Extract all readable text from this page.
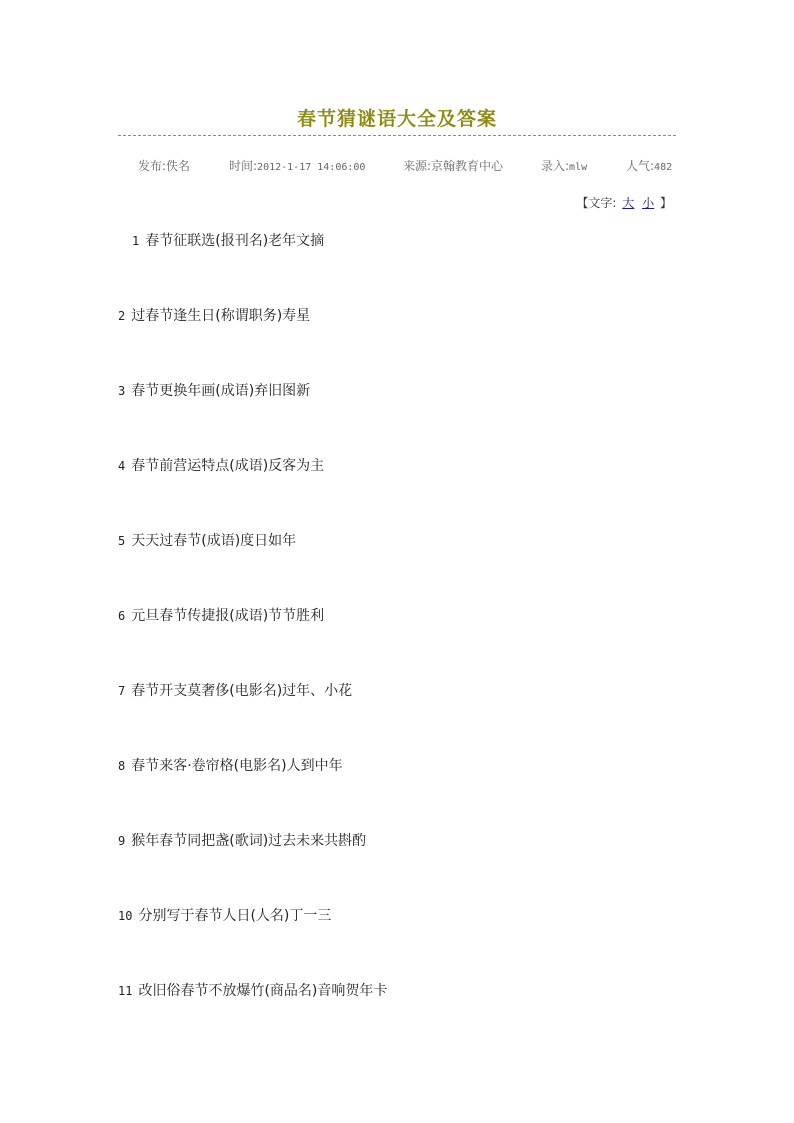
春节猜谜语大全及答案
发布:佚名	时间:2012-1-17 14:06:00	来源:京翰教育中心	录入:mlw	人气:482
【文字: 大 小 】
1 春节征联选(报刊名)老年文摘
2 过春节逢生日(称谓职务)寿星
3 春节更换年画(成语)弃旧图新
4 春节前营运特点(成语)反客为主
5 天天过春节(成语)度日如年
6 元旦春节传捷报(成语)节节胜利
7 春节开支莫奢侈(电影名)过年、小花
8 春节来客·卷帘格(电影名)人到中年
9 猴年春节同把盏(歌词)过去未来共斟酌
10 分别写于春节人日(人名)丁一三
11 改旧俗春节不放爆竹(商品名)音响贺年卡
